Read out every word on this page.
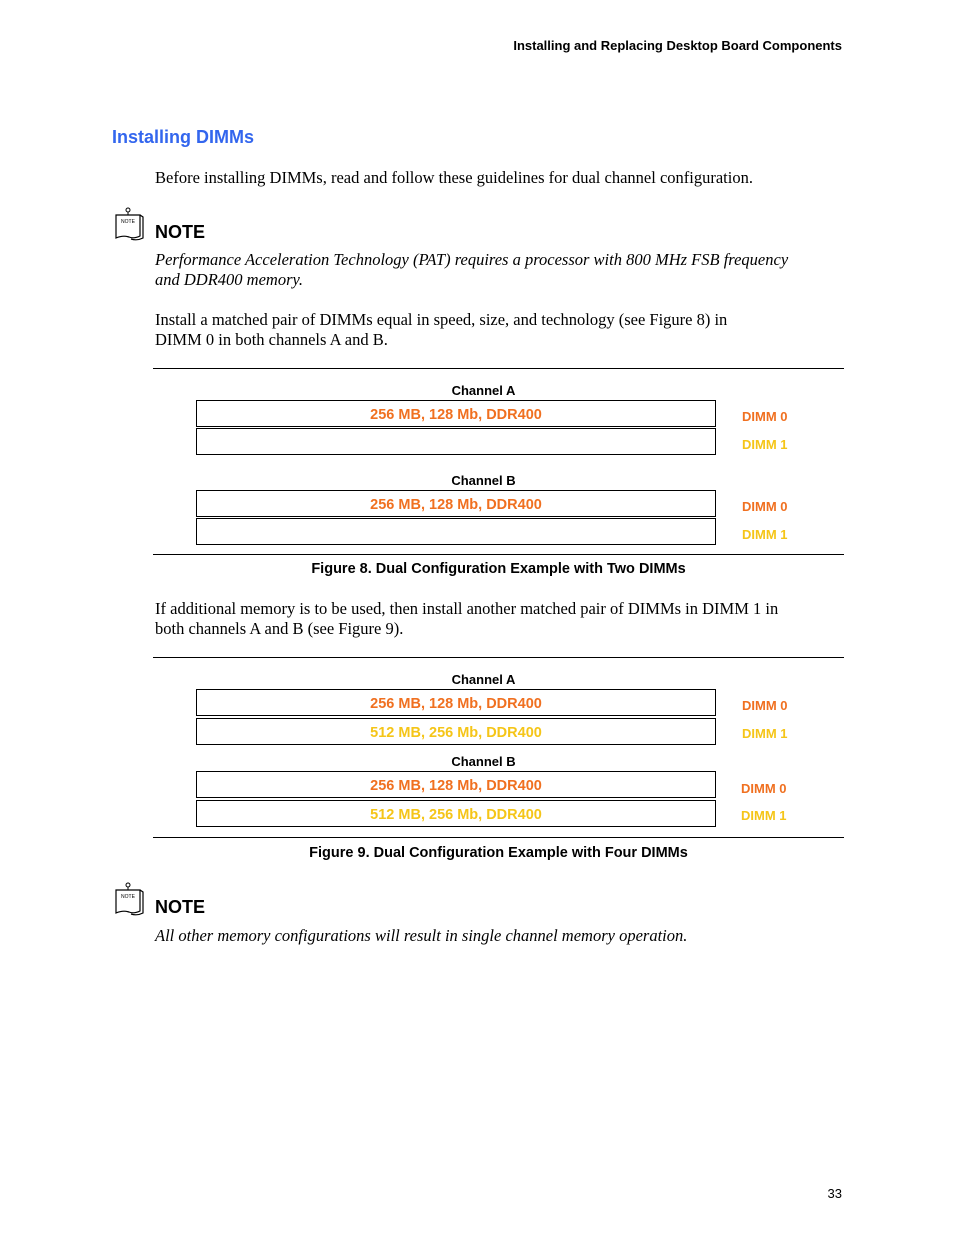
Installing and Replacing Desktop Board Components
Installing DIMMs
Before installing DIMMs, read and follow these guidelines for dual channel configuration.
NOTE NOTE
Performance Acceleration Technology (PAT) requires a processor with 800 MHz FSB frequency
and DDR400 memory.
Install a matched pair of DIMMs equal in speed, size, and technology (see Figure 8) in
DIMM 0 in both channels A and B.
Channel A
256 MB, 128 Mb, DDR400	DIMM 0
DIMM 1
Channel B
256 MB, 128 Mb, DDR400	DIMM 0
DIMM 1
Figure 8. Dual Configuration Example with Two DIMMs
If additional memory is to be used, then install another matched pair of DIMMs in DIMM 1 in
both channels A and B (see Figure 9).
Channel A
256 MB, 128 Mb, DDR400
512 MB, 256 Mb, DDR400
DIMM 0
DIMM 1
Channel B
256 MB, 128 Mb, DDR400
512 MB, 256 Mb, DDR400
DIMM 0
DIMM 1
Figure 9. Dual Configuration Example with Four DIMMs
NOTE NOTE
All other memory configurations will result in single channel memory operation.
33
